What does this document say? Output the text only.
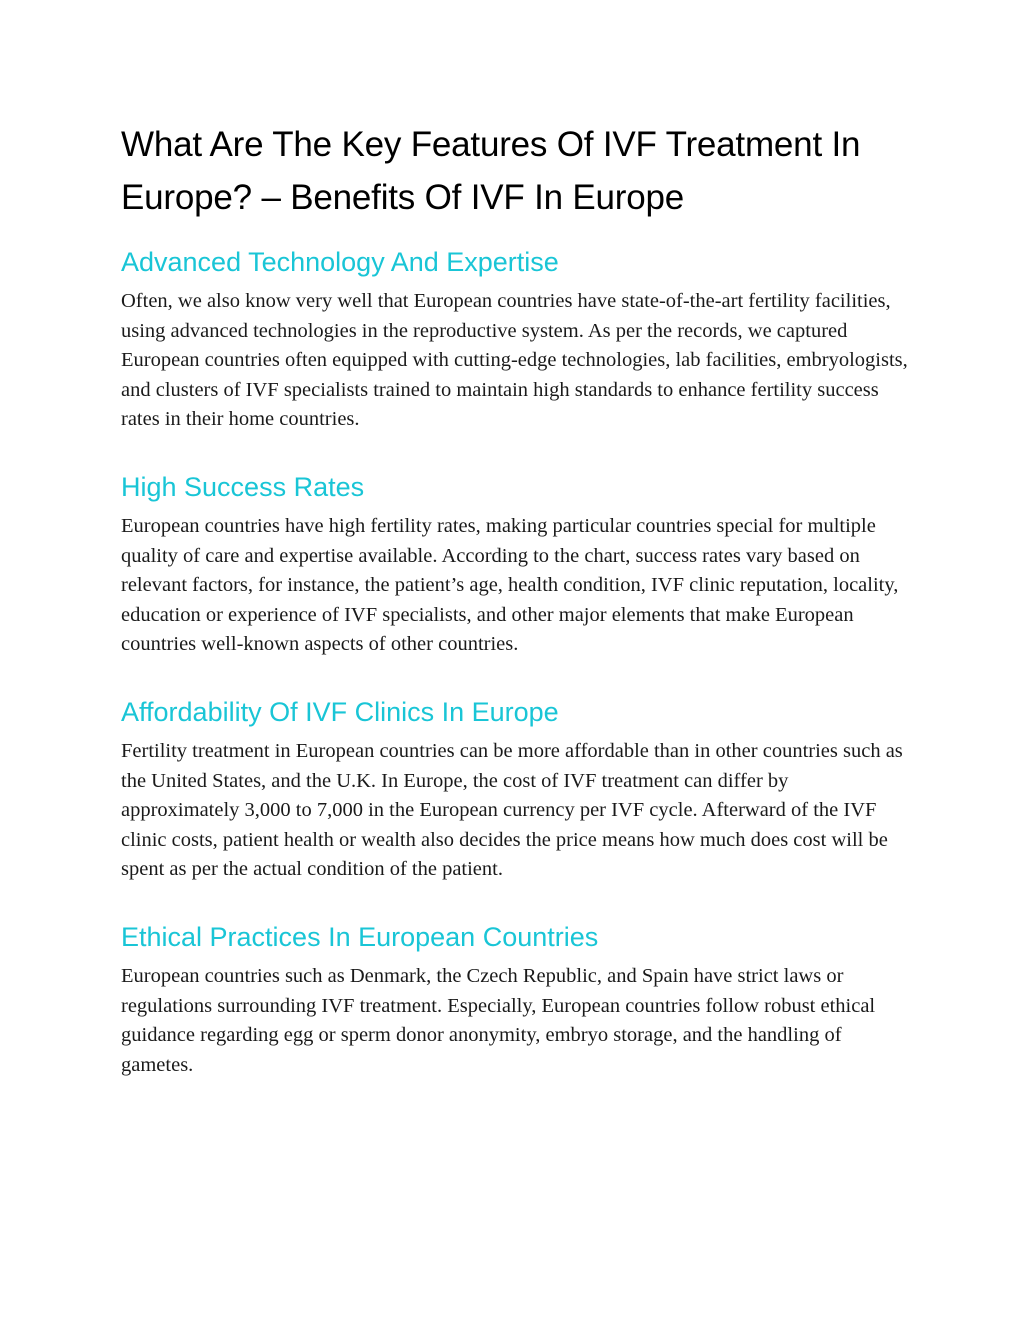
What Are The Key Features Of IVF Treatment In Europe? – Benefits Of IVF In Europe
Advanced Technology And Expertise

Often, we also know very well that European countries have state-of-the-art fertility facilities, using advanced technologies in the reproductive system. As per the records, we captured European countries often equipped with cutting-edge technologies, lab facilities, embryologists, and clusters of IVF specialists trained to maintain high standards to enhance fertility success rates in their home countries.

High Success Rates

European countries have high fertility rates, making particular countries special for multiple quality of care and expertise available. According to the chart, success rates vary based on relevant factors, for instance, the patient’s age, health condition, IVF clinic reputation, locality, education or experience of IVF specialists, and other major elements that make European countries well-known aspects of other countries.

Affordability Of IVF Clinics In Europe

Fertility treatment in European countries can be more affordable than in other countries such as the United States, and the U.K. In Europe, the cost of IVF treatment can differ by approximately 3,000 to 7,000 in the European currency per IVF cycle. Afterward of the IVF clinic costs, patient health or wealth also decides the price means how much does cost will be spent as per the actual condition of the patient.

Ethical Practices In European Countries

European countries such as Denmark, the Czech Republic, and Spain have strict laws or regulations surrounding IVF treatment. Especially, European countries follow robust ethical guidance regarding egg or sperm donor anonymity, embryo storage, and the handling of gametes.
